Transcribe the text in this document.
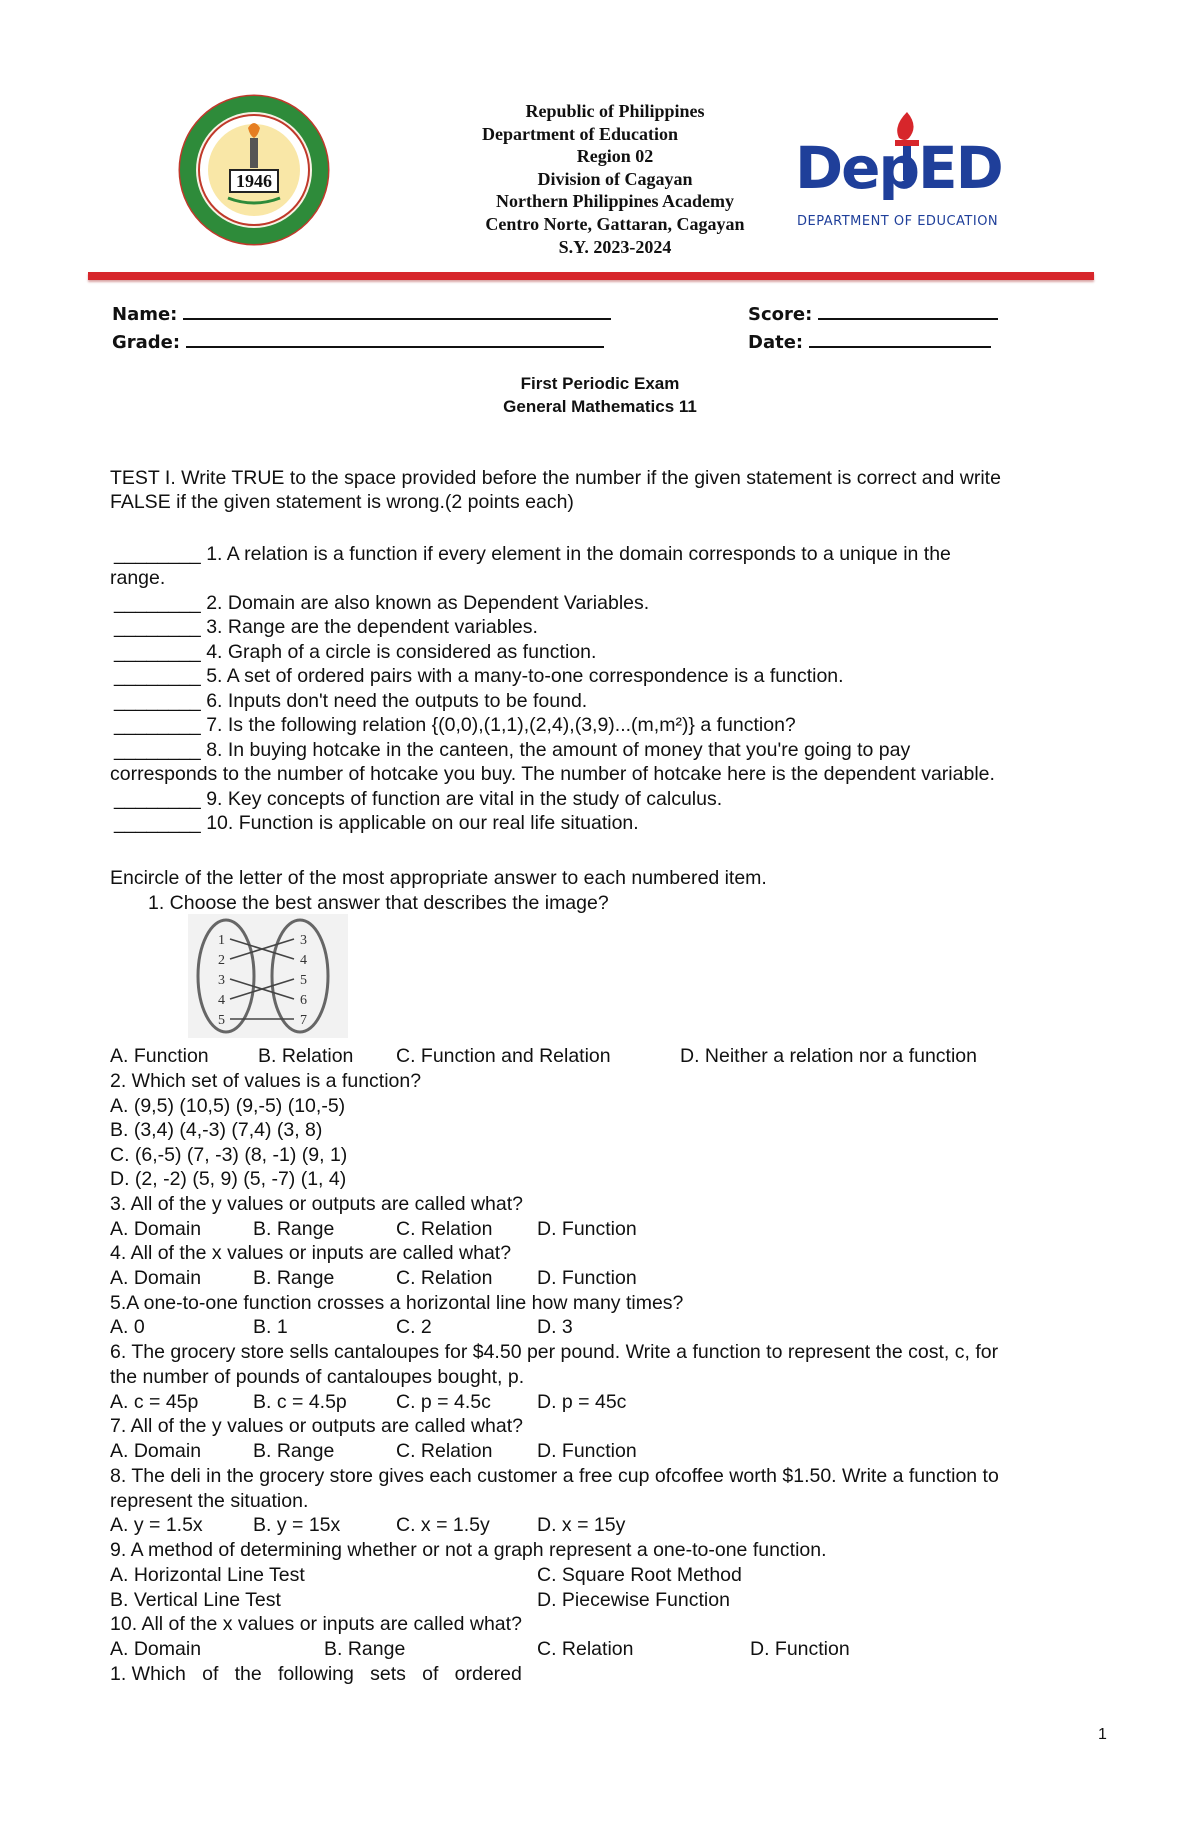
1946
Republic of Philippines
Department of Education
Region 02
Division of Cagayan
Northern Philippines Academy
Centro Norte, Gattaran, Cagayan
S.Y. 2023-2024
DepED
DEPARTMENT OF EDUCATION
Name:	Score:
Grade:	Date:
First Periodic Exam
General Mathematics 11
TEST I. Write TRUE to the space provided before the number if the given statement is correct and write
FALSE if the given statement is wrong.(2 points each)
________ 1. A relation is a function if every element in the domain corresponds to a unique in the
range.
________ 2. Domain are also known as Dependent Variables.
________ 3. Range are the dependent variables.
________ 4. Graph of a circle is considered as function.
________ 5. A set of ordered pairs with a many-to-one correspondence is a function.
________ 6. Inputs don't need the outputs to be found.
________ 7. Is the following relation {(0,0),(1,1),(2,4),(3,9)...(m,m²)} a function?
________ 8. In buying hotcake in the canteen, the amount of money that you're going to pay
corresponds to the number of hotcake you buy. The number of hotcake here is the dependent variable.
________ 9. Key concepts of function are vital in the study of calculus.
________ 10. Function is applicable on our real life situation.
Encircle of the letter of the most appropriate answer to each numbered item.
1. Choose the best answer that describes the image?
1
2
3
4
5
3
4
5
6
7
A. Function	B. Relation C. Function and Relation	D. Neither a relation nor a function
2. Which set of values is a function?
A. (9,5) (10,5) (9,-5) (10,-5)
B. (3,4) (4,-3) (7,4) (3, 8)
C. (6,-5) (7, -3) (8, -1) (9, 1)
D. (2, -2) (5, 9) (5, -7) (1, 4)
3. All of the y values or outputs are called what?
A. Domain	B. Range	C. Relation D. Function
4. All of the x values or inputs are called what?
A. Domain	B. Range	C. Relation D. Function
5.A one-to-one function crosses a horizontal line how many times?
A. 0	B. 1	C. 2	D. 3
6. The grocery store sells cantaloupes for $4.50 per pound. Write a function to represent the cost, c, for
the number of pounds of cantaloupes bought, p.
A. c = 45p	B. c = 4.5p	C. p = 4.5c D. p = 45c
7. All of the y values or outputs are called what?
A. Domain	B. Range	C. Relation D. Function
8. The deli in the grocery store gives each customer a free cup ofcoffee worth $1.50. Write a function to
represent the situation.
A. y = 1.5x	B. y = 15x	C. x = 1.5y D. x = 15y
9. A method of determining whether or not a graph represent a one-to-one function.
A. Horizontal Line Test	C. Square Root Method
B. Vertical Line Test	D. Piecewise Function
10. All of the x values or inputs are called what?
A. Domain	B. Range	C. Relation	D. Function
1. Which   of   the   following   sets   of   ordered
1
